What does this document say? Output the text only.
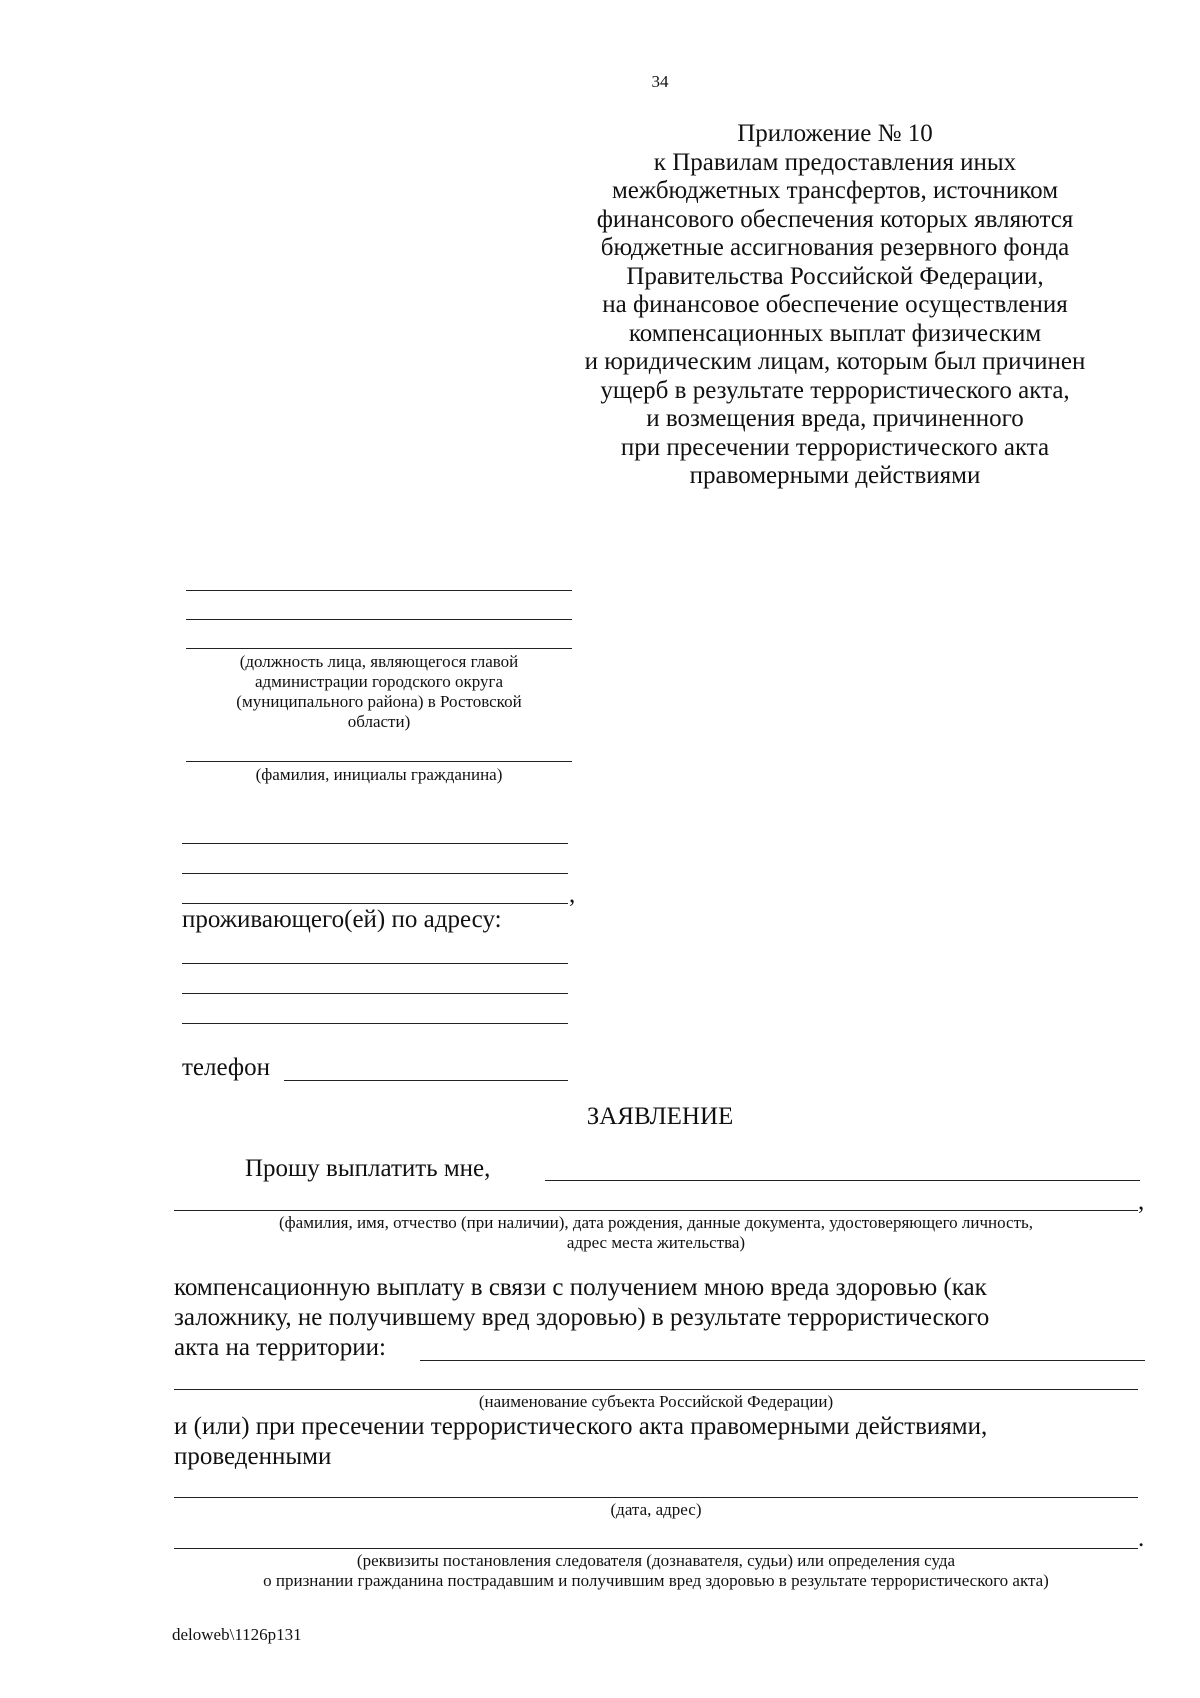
34
Приложение № 10
к Правилам предоставления иных
межбюджетных трансфертов, источником
финансового обеспечения которых являются
бюджетные ассигнования резервного фонда
Правительства Российской Федерации,
на финансовое обеспечение осуществления
компенсационных выплат физическим
и юридическим лицам, которым был причинен
ущерб в результате террористического акта,
и возмещения вреда, причиненного
при пресечении террористического акта
правомерными действиями
(должность лица, являющегося главой
администрации городского округа
(муниципального района) в Ростовской
области)
(фамилия, инициалы гражданина)
,
проживающего(ей) по адресу:
телефон
ЗАЯВЛЕНИЕ
Прошу выплатить мне,
,
(фамилия, имя, отчество (при наличии), дата рождения, данные документа, удостоверяющего личность,
адрес места жительства)
компенсационную выплату в связи с получением мною вреда здоровью (как
заложнику, не получившему вред здоровью) в результате террористического
акта на территории:
(наименование субъекта Российской Федерации)
и (или) при пресечении террористического акта правомерными действиями,
проведенными
(дата, адрес)
.
(реквизиты постановления следователя (дознавателя, судьи) или определения суда
о признании гражданина пострадавшим и получившим вред здоровью в результате террористического акта)
deloweb\1126p131
